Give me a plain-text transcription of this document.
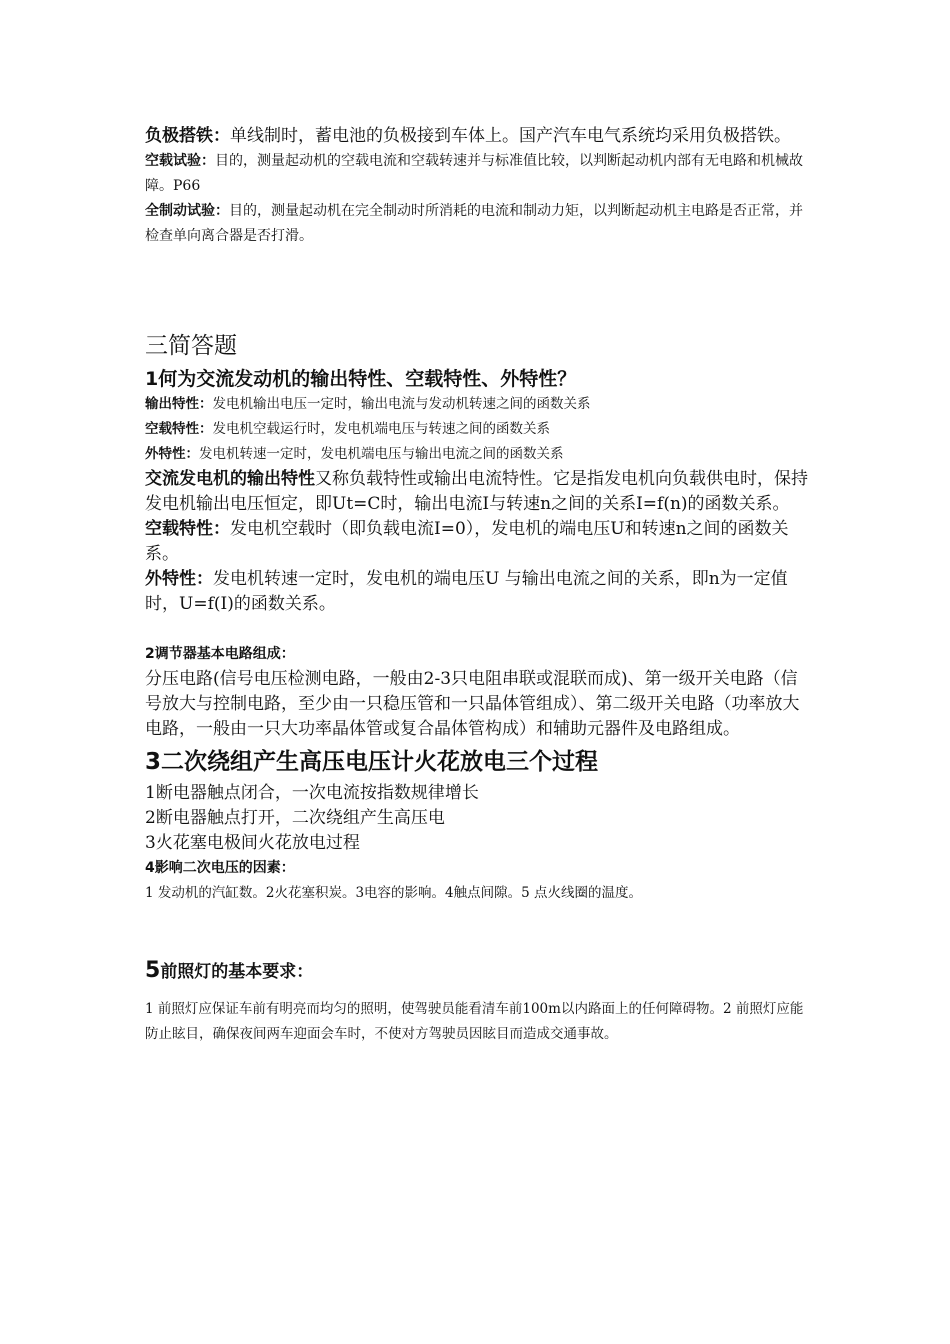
负极搭铁：单线制时，蓄电池的负极接到车体上。国产汽车电气系统均采用负极搭铁。

空载试验：目的，测量起动机的空载电流和空载转速并与标准值比较，以判断起动机内部有无电路和机械故障。P66

全制动试验：目的，测量起动机在完全制动时所消耗的电流和制动力矩，以判断起动机主电路是否正常，并检查单向离合器是否打滑。

三简答题

1何为交流发动机的输出特性、空载特性、外特性？

输出特性：发电机输出电压一定时，输出电流与发动机转速之间的函数关系

空载特性：发电机空载运行时，发电机端电压与转速之间的函数关系

外特性：发电机转速一定时，发电机端电压与输出电流之间的函数关系

交流发电机的输出特性又称负载特性或输出电流特性。它是指发电机向负载供电时，保持发电机输出电压恒定，即Ut=C时，输出电流I与转速n之间的关系I=f(n)的函数关系。

空载特性：发电机空载时（即负载电流I=0），发电机的端电压U和转速n之间的函数关系。

外特性：发电机转速一定时，发电机的端电压U 与输出电流之间的关系，即n为一定值时，U=f(I)的函数关系。

2调节器基本电路组成：

分压电路(信号电压检测电路，一般由2-3只电阻串联或混联而成)、第一级开关电路（信号放大与控制电路，至少由一只稳压管和一只晶体管组成）、第二级开关电路（功率放大电路，一般由一只大功率晶体管或复合晶体管构成）和辅助元器件及电路组成。

3二次绕组产生高压电压计火花放电三个过程

1断电器触点闭合，一次电流按指数规律增长

2断电器触点打开，二次绕组产生高压电

3火花塞电极间火花放电过程

4影响二次电压的因素：

1 发动机的汽缸数。2火花塞积炭。3电容的影响。4触点间隙。5 点火线圈的温度。

5前照灯的基本要求：

1 前照灯应保证车前有明亮而均匀的照明，使驾驶员能看清车前100m以内路面上的任何障碍物。2 前照灯应能防止眩目，确保夜间两车迎面会车时，不使对方驾驶员因眩目而造成交通事故。
